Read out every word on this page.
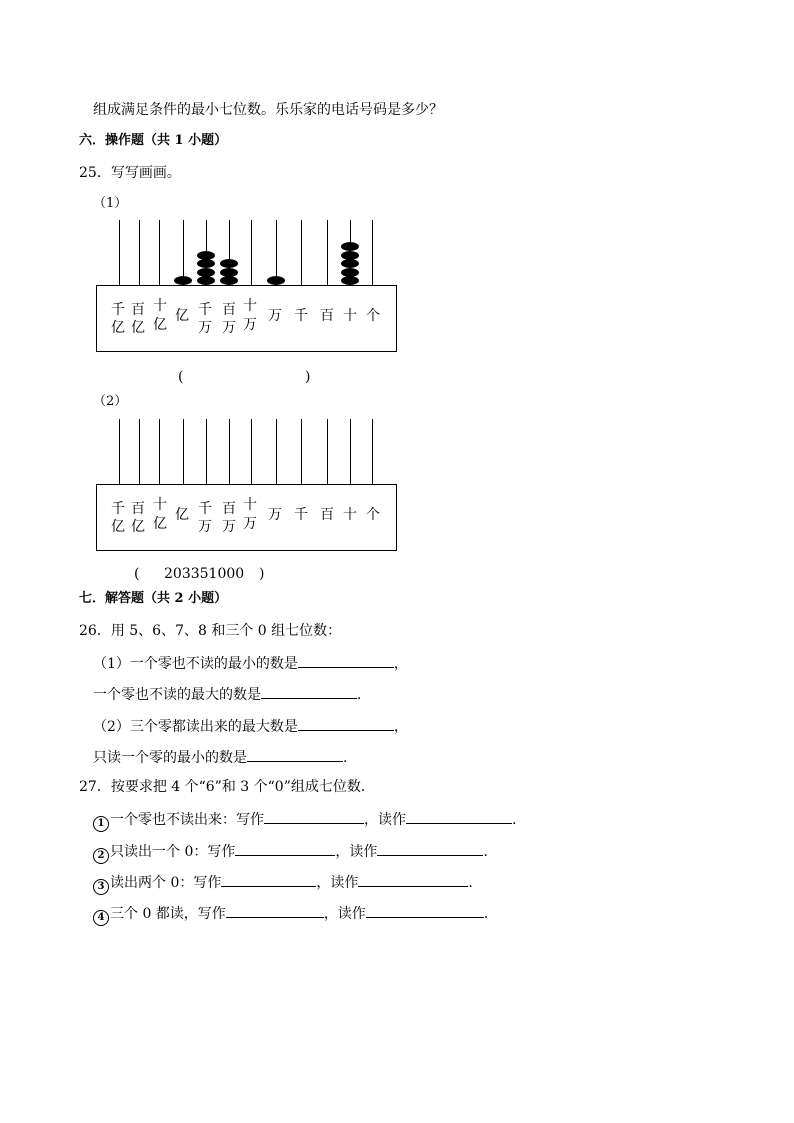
组成满足条件的最小七位数。乐乐家的电话号码是多少？
六．操作题（共 1 小题）
25．写写画画。
（1）
千
亿
百
亿
十
亿
亿 千
万
百
万
十
万
万 千 百 十 个
(	)
（2）
千
亿
百
亿
十
亿
亿 千
万
百
万
十
万
万 千 百 十 个
( 203351000 )
七．解答题（共 2 小题）
26．用 5、6、7、8 和三个 0 组七位数：
（1）一个零也不读的最小的数是	，
一个零也不读的最大的数是	.
（2）三个零都读出来的最大数是	，
只读一个零的最小的数是	.
27．按要求把 4 个“6”和 3 个“0”组成七位数．
1 一个零也不读出来：写作	，读作	.
2 只读出一个 0：写作	，读作	.
3 读出两个 0：写作	，读作	.
4 三个 0 都读，写作	，读作	.
